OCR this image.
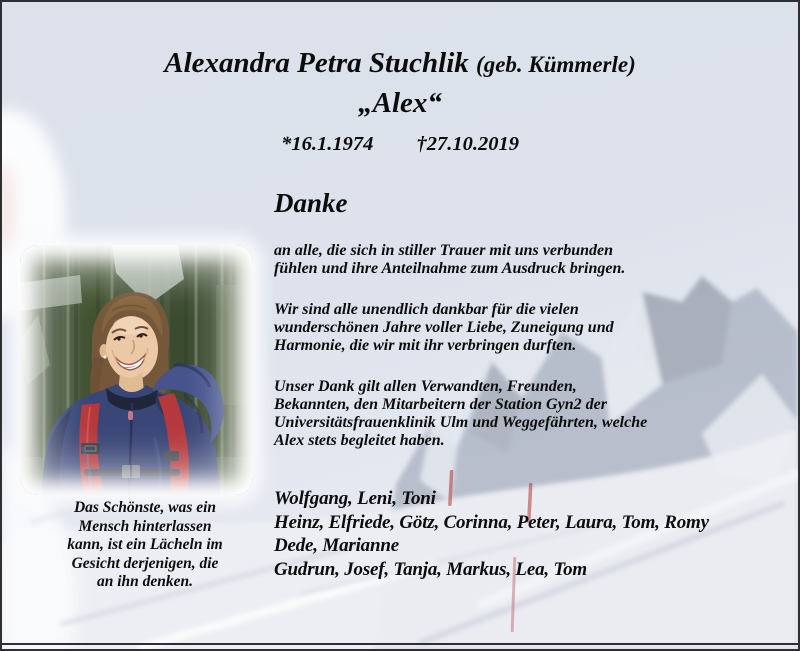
Alexandra Petra Stuchlik (geb. Kümmerle)
„Alex“
*16.1.1974 †27.10.2019
Das Schönste, was ein
Mensch hinterlassen
kann, ist ein Lächeln im
Gesicht derjenigen, die
an ihn denken.
Danke

an alle, die sich in stiller Trauer mit uns verbunden
fühlen und ihre Anteilnahme zum Ausdruck bringen.

Wir sind alle unendlich dankbar für die vielen
wunderschönen Jahre voller Liebe, Zuneigung und
Harmonie, die wir mit ihr verbringen durften.

Unser Dank gilt allen Verwandten, Freunden,
Bekannten, den Mitarbeitern der Station Gyn2 der
Universitätsfrauenklinik Ulm und Weggefährten, welche
Alex stets begleitet haben.

Wolfgang, Leni, Toni
Heinz, Elfriede, Götz, Corinna, Peter, Laura, Tom, Romy
Dede, Marianne
Gudrun, Josef, Tanja, Markus, Lea, Tom
